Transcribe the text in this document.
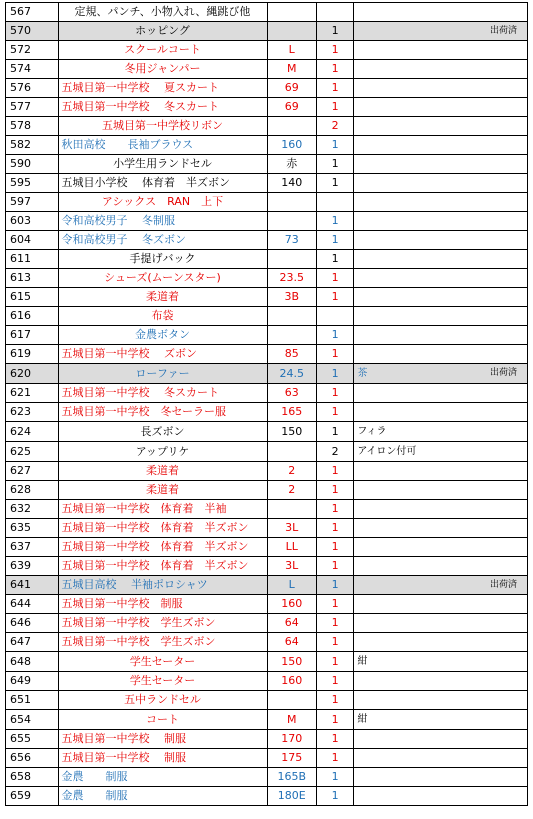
567	定規、パンチ、小物入れ、縄跳び他			

570	ホッピング		1	出荷済

572	スクールコート	L	1	

574	冬用ジャンパー	M	1	

576	五城目第一中学校　 夏スカート	69	1	

577	五城目第一中学校　 冬スカート	69	1	

578	五城目第一中学校リボン		2	

582	秋田高校　　長袖ブラウス	160	1	

590	小学生用ランドセル	赤	1	

595	五城目小学校　 体育着　半ズボン	140	1	

597	アシックス　RAN　上下			

603	令和高校男子　 冬制服		1	

604	令和高校男子　 冬ズボン	73	1	

611	手提げバック		1	

613	シューズ(ムーンスター)	23.5	1	

615	柔道着	3B	1	

616	布袋			

617	金農ボタン		1	

619	五城目第一中学校　 ズボン	85	1	

620	ローファー	24.5	1	茶 出荷済

621	五城目第一中学校　 冬スカート	63	1	

623	五城目第一中学校　冬セーラー服	165	1	

624	長ズボン	150	1	フィラ

625	アップリケ		2	アイロン付可

627	柔道着	2	1	

628	柔道着	2	1	

632	五城目第一中学校　体育着　半袖		1	

635	五城目第一中学校　体育着　半ズボン	3L	1	

637	五城目第一中学校　体育着　半ズボン	LL	1	

639	五城目第一中学校　体育着　半ズボン	3L	1	

641	五城目高校　 半袖ポロシャツ	L	1	出荷済

644	五城目第一中学校　制服	160	1	

646	五城目第一中学校　学生ズボン	64	1	

647	五城目第一中学校　学生ズボン	64	1	

648	学生セーター	150	1	紺

649	学生セーター	160	1	

651	五中ランドセル		1	

654	コート	M	1	紺

655	五城目第一中学校　 制服	170	1	

656	五城目第一中学校　 制服	175	1	

658	金農　　制服	165B	1	

659	金農　　制服	180E	1	
